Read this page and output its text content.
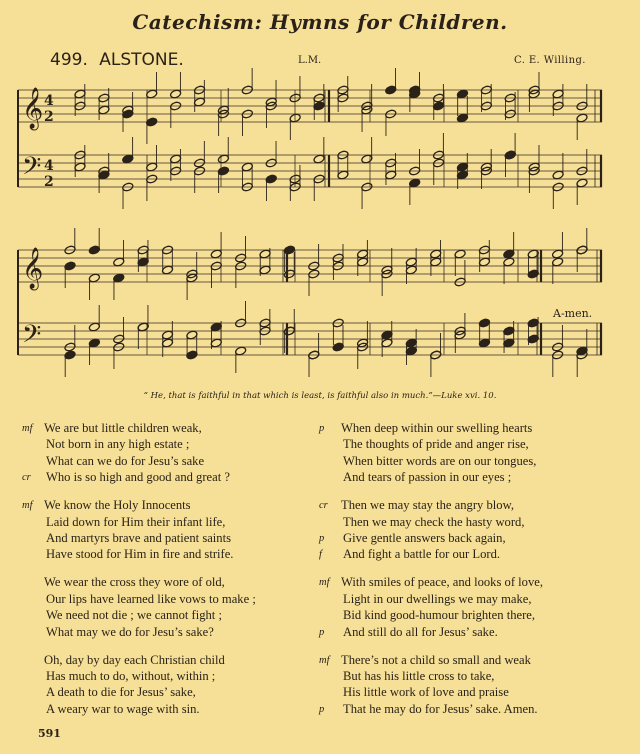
Catechism: Hymns for Children.
499. ALSTONE.	L.M.	C. E. Willing.
𝄞 4
2
𝄢 4
2
𝄞
𝄢
A-men.
“ He, that is faithful in that which is least, is faithful also in much.”—Luke xvi. 10.
mf We are but little children weak,
Not born in any high estate ;
What can we do for Jesu’s sake
cr Who is so high and good and great ?
mf We know the Holy Innocents
Laid down for Him their infant life,
And martyrs brave and patient saints
Have stood for Him in fire and strife.
We wear the cross they wore of old,
Our lips have learned like vows to make ;
We need not die ; we cannot fight ;
What may we do for Jesu’s sake?
Oh, day by day each Christian child
Has much to do, without, within ;
A death to die for Jesus’ sake,
A weary war to wage with sin.
p When deep within our swelling hearts
The thoughts of pride and anger rise,
When bitter words are on our tongues,
And tears of passion in our eyes ;
cr Then we may stay the angry blow,
Then we may check the hasty word,
p Give gentle answers back again,
f And fight a battle for our Lord.
mf With smiles of peace, and looks of love,
Light in our dwellings we may make,
Bid kind good-humour brighten there,
p And still do all for Jesus’ sake.
mf There’s not a child so small and weak
But has his little cross to take,
His little work of love and praise
p That he may do for Jesus’ sake. Amen.
591
